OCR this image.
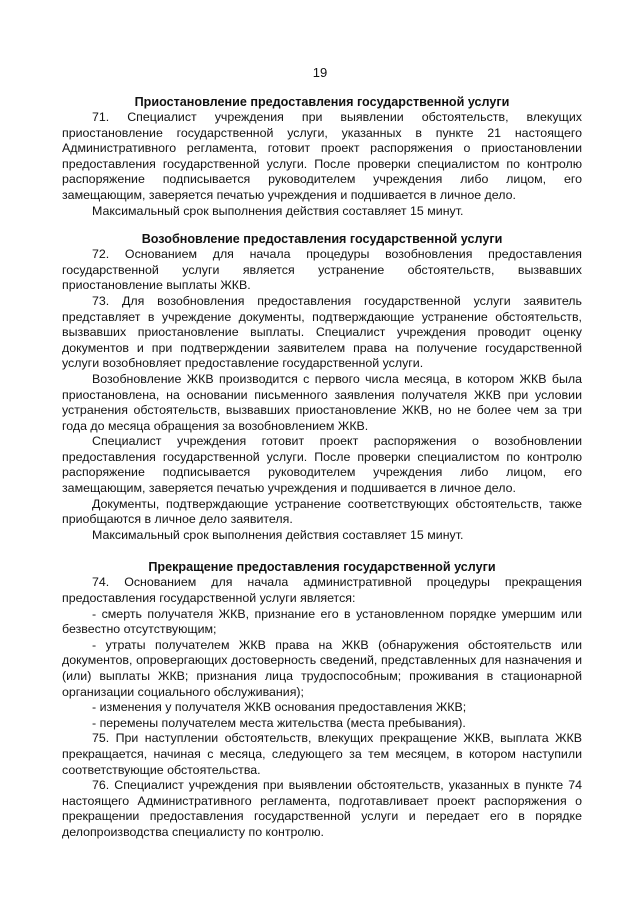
19
Приостановление предоставления государственной услуги

71. Специалист учреждения при выявлении обстоятельств, влекущих приостановление государственной услуги, указанных в пункте 21 настоящего Административного регламента, готовит проект распоряжения о приостановлении предоставления государственной услуги. После проверки специалистом по контролю распоряжение подписывается руководителем учреждения либо лицом, его замещающим, заверяется печатью учреждения и подшивается в личное дело.

Максимальный срок выполнения действия составляет 15 минут.

Возобновление предоставления государственной услуги

72. Основанием для начала процедуры возобновления предоставления государственной услуги является устранение обстоятельств, вызвавших приостановление выплаты ЖКВ.

73. Для возобновления предоставления государственной услуги заявитель представляет в учреждение документы, подтверждающие устранение обстоятельств, вызвавших приостановление выплаты. Специалист учреждения проводит оценку документов и при подтверждении заявителем права на получение государственной услуги возобновляет предоставление государственной услуги.

Возобновление ЖКВ производится с первого числа месяца, в котором ЖКВ была приостановлена, на основании письменного заявления получателя ЖКВ при условии устранения обстоятельств, вызвавших приостановление ЖКВ, но не более чем за три года до месяца обращения за возобновлением ЖКВ.

Специалист учреждения готовит проект распоряжения о возобновлении предоставления государственной услуги. После проверки специалистом по контролю распоряжение подписывается руководителем учреждения либо лицом, его замещающим, заверяется печатью учреждения и подшивается в личное дело.

Документы, подтверждающие устранение соответствующих обстоятельств, также приобщаются в личное дело заявителя.

Максимальный срок выполнения действия составляет 15 минут.

Прекращение предоставления государственной услуги

74. Основанием для начала административной процедуры прекращения предоставления государственной услуги является:

- смерть получателя ЖКВ, признание его в установленном порядке умершим или безвестно отсутствующим;

- утраты получателем ЖКВ права на ЖКВ (обнаружения обстоятельств или документов, опровергающих достоверность сведений, представленных для назначения и (или) выплаты ЖКВ; признания лица трудоспособным; проживания в стационарной организации социального обслуживания);

- изменения у получателя ЖКВ основания предоставления ЖКВ;

- перемены получателем места жительства (места пребывания).

75. При наступлении обстоятельств, влекущих прекращение ЖКВ, выплата ЖКВ прекращается, начиная с месяца, следующего за тем месяцем, в котором наступили соответствующие обстоятельства.

76. Специалист учреждения при выявлении обстоятельств, указанных в пункте 74 настоящего Административного регламента, подготавливает проект распоряжения о прекращении предоставления государственной услуги и передает его в порядке делопроизводства специалисту по контролю.
